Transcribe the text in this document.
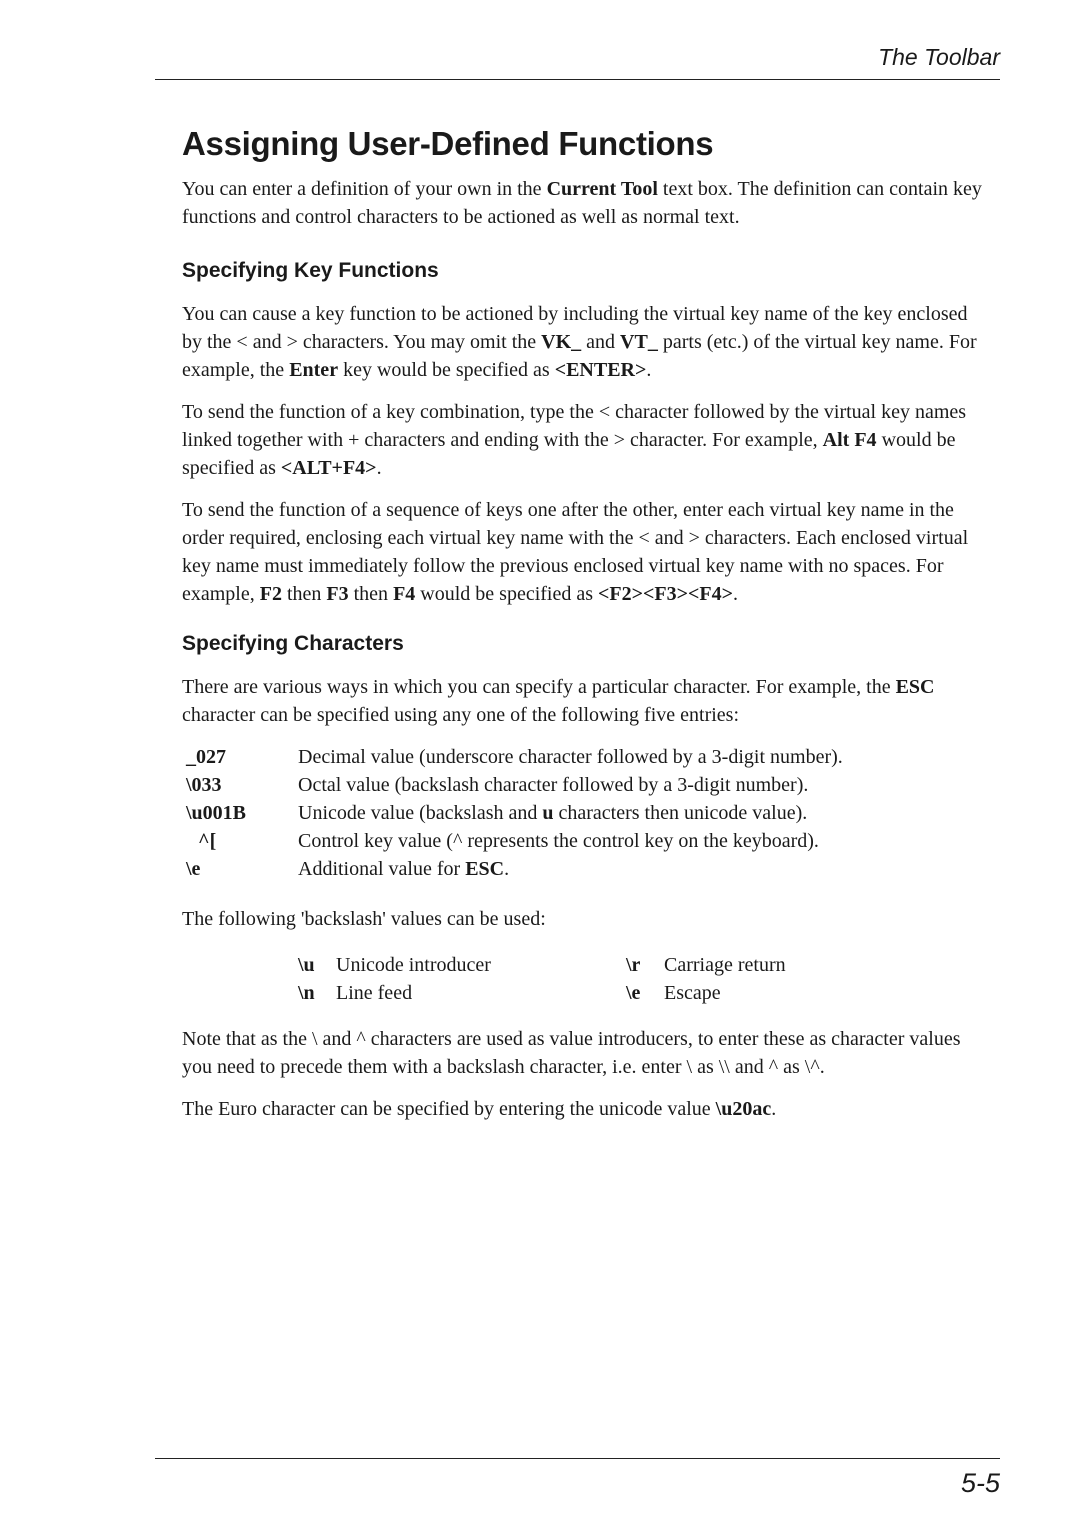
The Toolbar
Assigning User-Defined Functions

You can enter a definition of your own in the Current Tool text box. The definition can contain key functions and control characters to be actioned as well as normal text.

Specifying Key Functions

You can cause a key function to be actioned by including the virtual key name of the key enclosed by the < and > characters. You may omit the VK_ and VT_ parts (etc.) of the virtual key name. For example, the Enter key would be specified as <ENTER>.

To send the function of a key combination, type the < character followed by the virtual key names linked together with + characters and ending with the > character. For example, Alt F4 would be specified as <ALT+F4>.

To send the function of a sequence of keys one after the other, enter each virtual key name in the order required, enclosing each virtual key name with the < and > characters. Each enclosed virtual key name must immediately follow the previous enclosed virtual key name with no spaces. For example, F2 then F3 then F4 would be specified as <F2><F3><F4>.

Specifying Characters

There are various ways in which you can specify a particular character. For example, the ESC character can be specified using any one of the following five entries:

_027	Decimal value (underscore character followed by a 3-digit number).
\033	Octal value (backslash character followed by a 3-digit number).
\u001B	Unicode value (backslash and u characters then unicode value).
^[	Control key value (^ represents the control key on the keyboard).
\e	Additional value for ESC.

The following 'backslash' values can be used:

\u	Unicode introducer	\r	Carriage return
\n	Line feed	\e	Escape

Note that as the \ and ^ characters are used as value introducers, to enter these as character values you need to precede them with a backslash character, i.e. enter \ as \\ and ^ as \^.

The Euro character can be specified by entering the unicode value \u20ac.

5-5
